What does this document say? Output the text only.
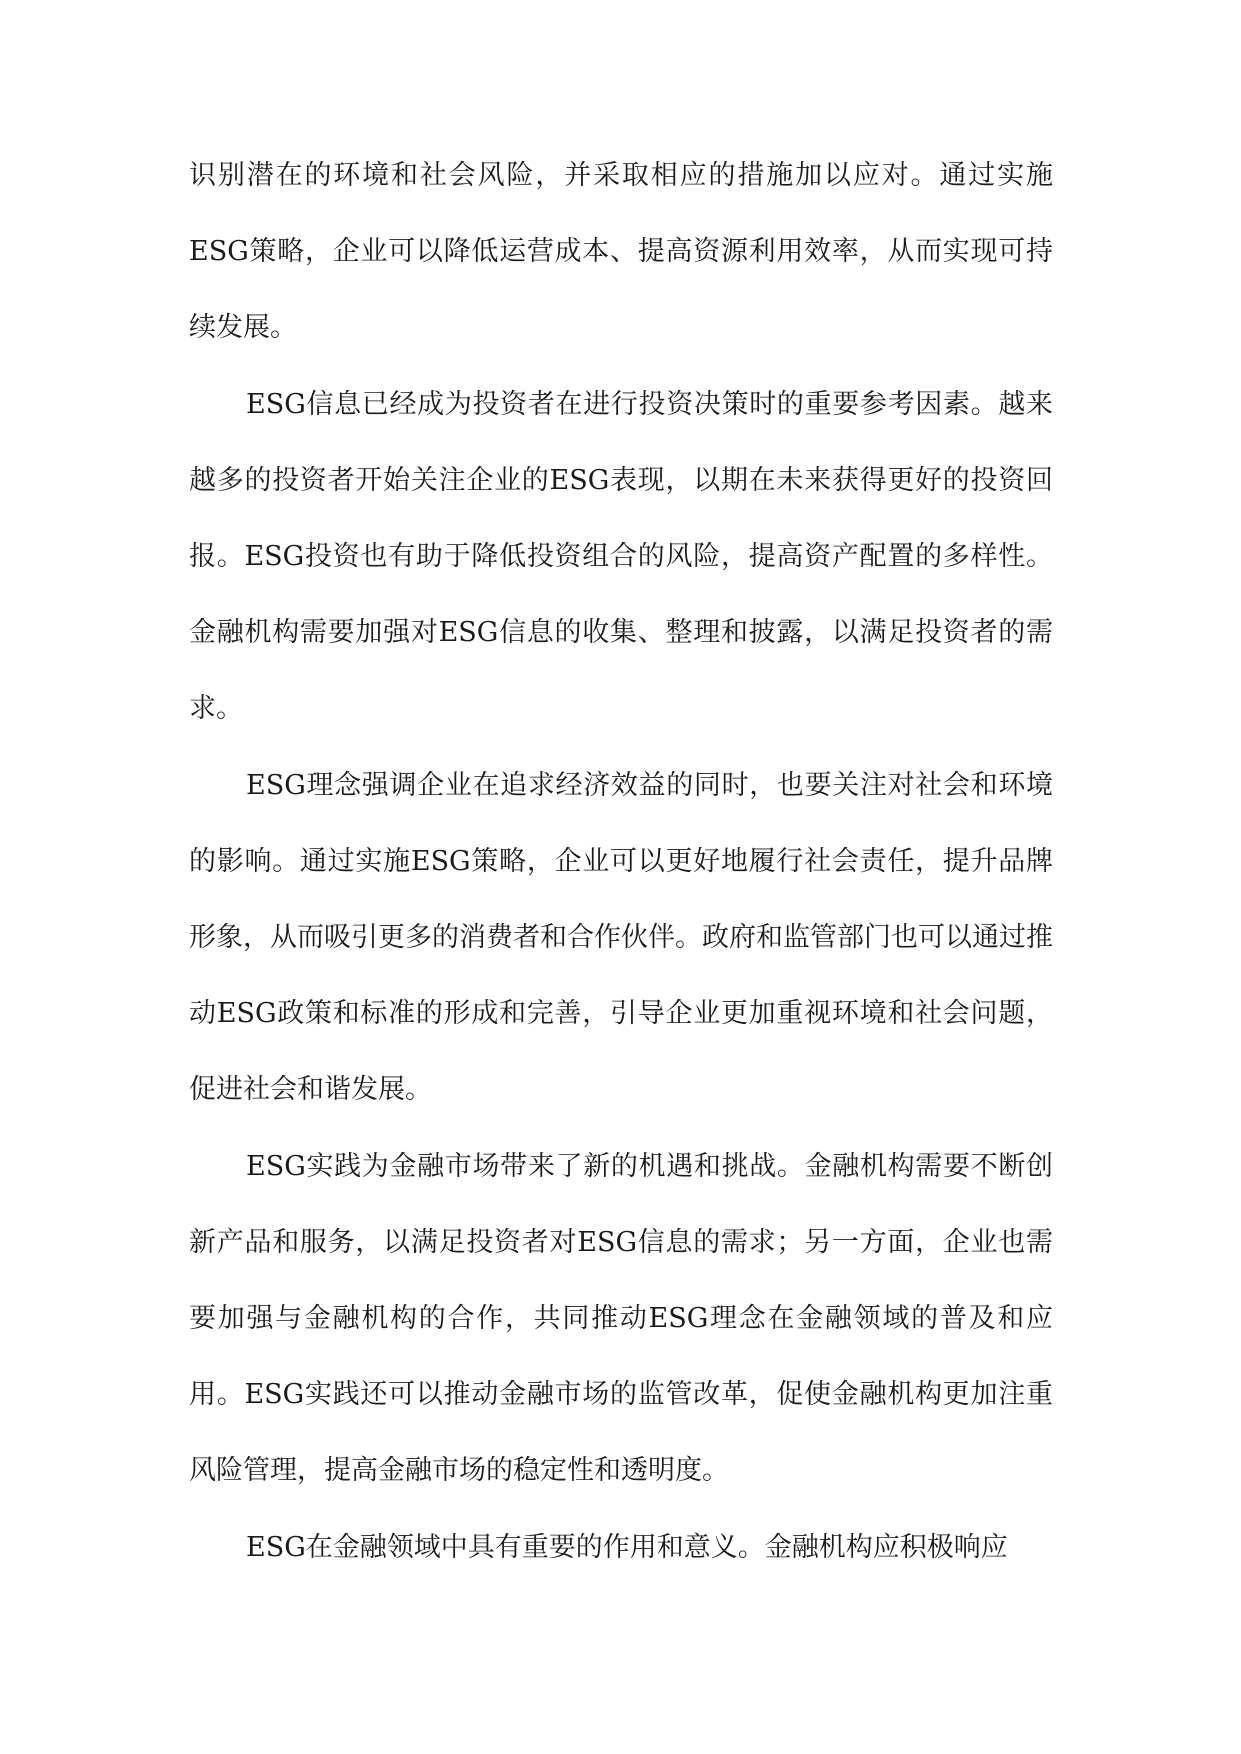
识别潜在的环境和社会风险，并采取相应的措施加以应对。通过实施ESG策略，企业可以降低运营成本、提高资源利用效率，从而实现可持续发展。

ESG信息已经成为投资者在进行投资决策时的重要参考因素。越来越多的投资者开始关注企业的ESG表现，以期在未来获得更好的投资回报。ESG投资也有助于降低投资组合的风险，提高资产配置的多样性。金融机构需要加强对ESG信息的收集、整理和披露，以满足投资者的需求。

ESG理念强调企业在追求经济效益的同时，也要关注对社会和环境的影响。通过实施ESG策略，企业可以更好地履行社会责任，提升品牌形象，从而吸引更多的消费者和合作伙伴。政府和监管部门也可以通过推动ESG政策和标准的形成和完善，引导企业更加重视环境和社会问题，促进社会和谐发展。

ESG实践为金融市场带来了新的机遇和挑战。金融机构需要不断创新产品和服务，以满足投资者对ESG信息的需求；另一方面，企业也需要加强与金融机构的合作，共同推动ESG理念在金融领域的普及和应用。ESG实践还可以推动金融市场的监管改革，促使金融机构更加注重风险管理，提高金融市场的稳定性和透明度。

ESG在金融领域中具有重要的作用和意义。金融机构应积极响应
